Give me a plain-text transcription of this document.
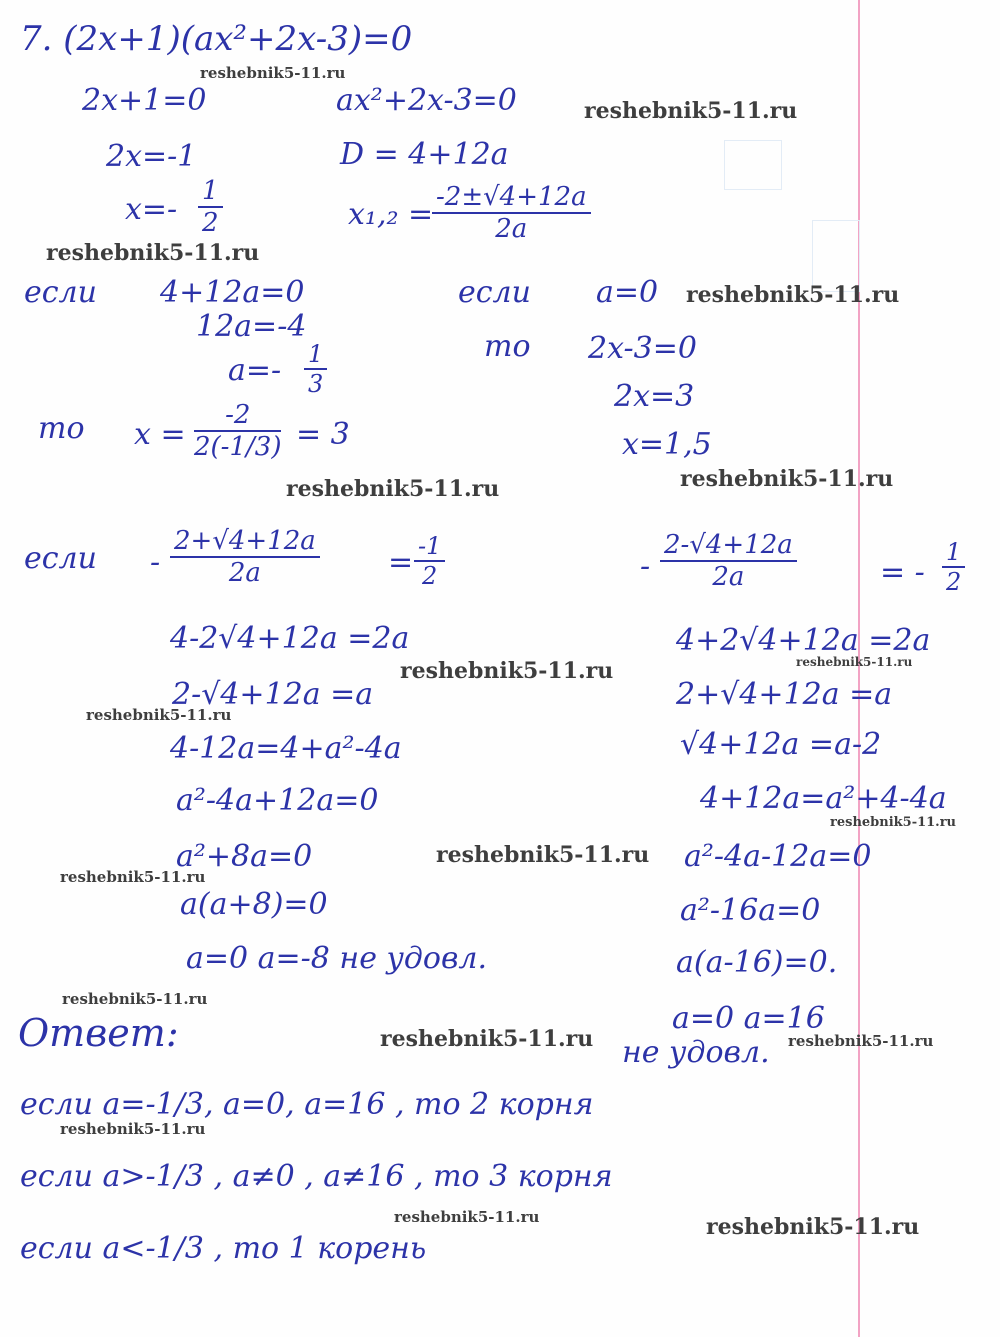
7. (2x+1)(ax²+2x-3)=0
2x+1=0
2x=-1
$x=- \frac{1}{2}$
ax²+2x-3=0
D = 4+12a
x₁,₂ =
$\frac{-2\pm√4+12a}{2a}$
если 4+12a=0
12a=-4
$a=- \frac{1}{3}$
то $x = \frac{-2}{2(-1/3)} = 3$
если a=0
то 2x-3=0
2x=3
x=1,5
если - $\frac{2+√4+12a}{2a} = \frac{-1}{2}$
4-2√4+12a =2a
2-√4+12a =a
4-12a=4+a²-4a
a²-4a+12a=0
a²+8a=0
a(a+8)=0
a=0 a=-8 не удовл.
- $\frac{2-√4+12a}{2a}$	= - $\frac{1}{2}$
4+2√4+12a =2a
2+√4+12a =a
√4+12a =a-2
4+12a=a²+4-4a
a²-4a-12a=0
a²-16a=0
a(a-16)=0.
a=0 a=16
не удовл.
Ответ:
если a=-1/3, a=0, a=16 , то 2 корня
если a>-1/3 , a≠0 , a≠16 , то 3 корня
если a<-1/3 , то 1 корень
reshebnik5-11.ru
reshebnik5-11.ru
reshebnik5-11.ru
reshebnik5-11.ru
reshebnik5-11.ru	reshebnik5-11.ru
reshebnik5-11.ru	reshebnik5-11.ru
reshebnik5-11.ru
reshebnik5-11.ru
reshebnik5-11.ru
reshebnik5-11.ru
reshebnik5-11.ru
reshebnik5-11.ru	reshebnik5-11.ru
reshebnik5-11.ru
reshebnik5-11.ru	reshebnik5-11.ru
